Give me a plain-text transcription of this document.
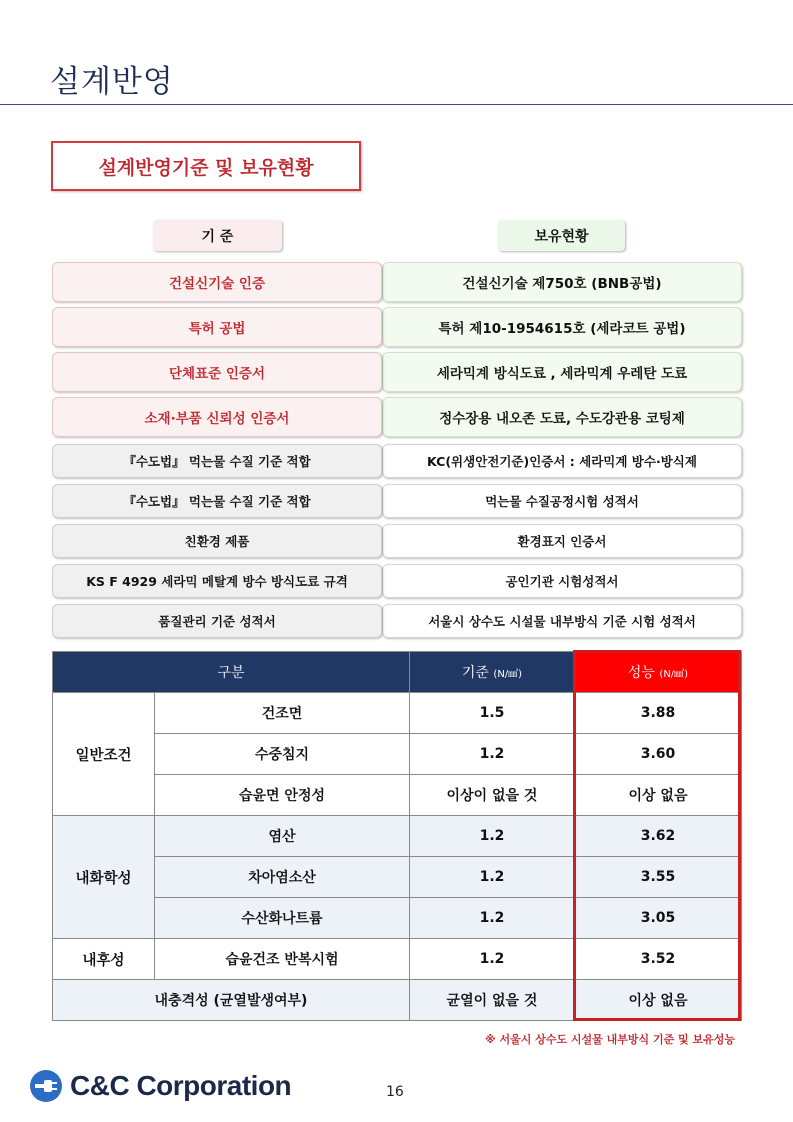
설계반영
설계반영기준 및 보유현황
기 준	보유현황
건설신기술 인증	건설신기술 제750호 (BNB공법)
특허 공법	특허 제10-1954615호 (세라코트 공법)
단체표준 인증서	세라믹계 방식도료 , 세라믹계 우레탄 도료
소재·부품 신뢰성 인증서	정수장용 내오존 도료, 수도강관용 코팅제
『수도법』 먹는물 수질 기준 적합	KC(위생안전기준)인증서 : 세라믹계 방수·방식제
『수도법』 먹는물 수질 기준 적합	먹는물 수질공정시험 성적서
친환경 제품	환경표지 인증서
KS F 4929 세라믹 메탈계 방수 방식도료 규격	공인기관 시험성적서
품질관리 기준 성적서	서울시 상수도 시설물 내부방식 기준 시험 성적서
구분		기준 (N/㎟)	성능 (N/㎟)
일반조건	건조면	1.5	3.88
	수중침지	1.2	3.60
	습윤면 안정성	이상이 없을 것	이상 없음
내화학성	염산	1.2	3.62
	차아염소산	1.2	3.55
	수산화나트륨	1.2	3.05
내후성	습윤건조 반복시험	1.2	3.52
내충격성 (균열발생여부)		균열이 없을 것	이상 없음
※ 서울시 상수도 시설물 내부방식 기준 및 보유성능
C&C Corporation	16
